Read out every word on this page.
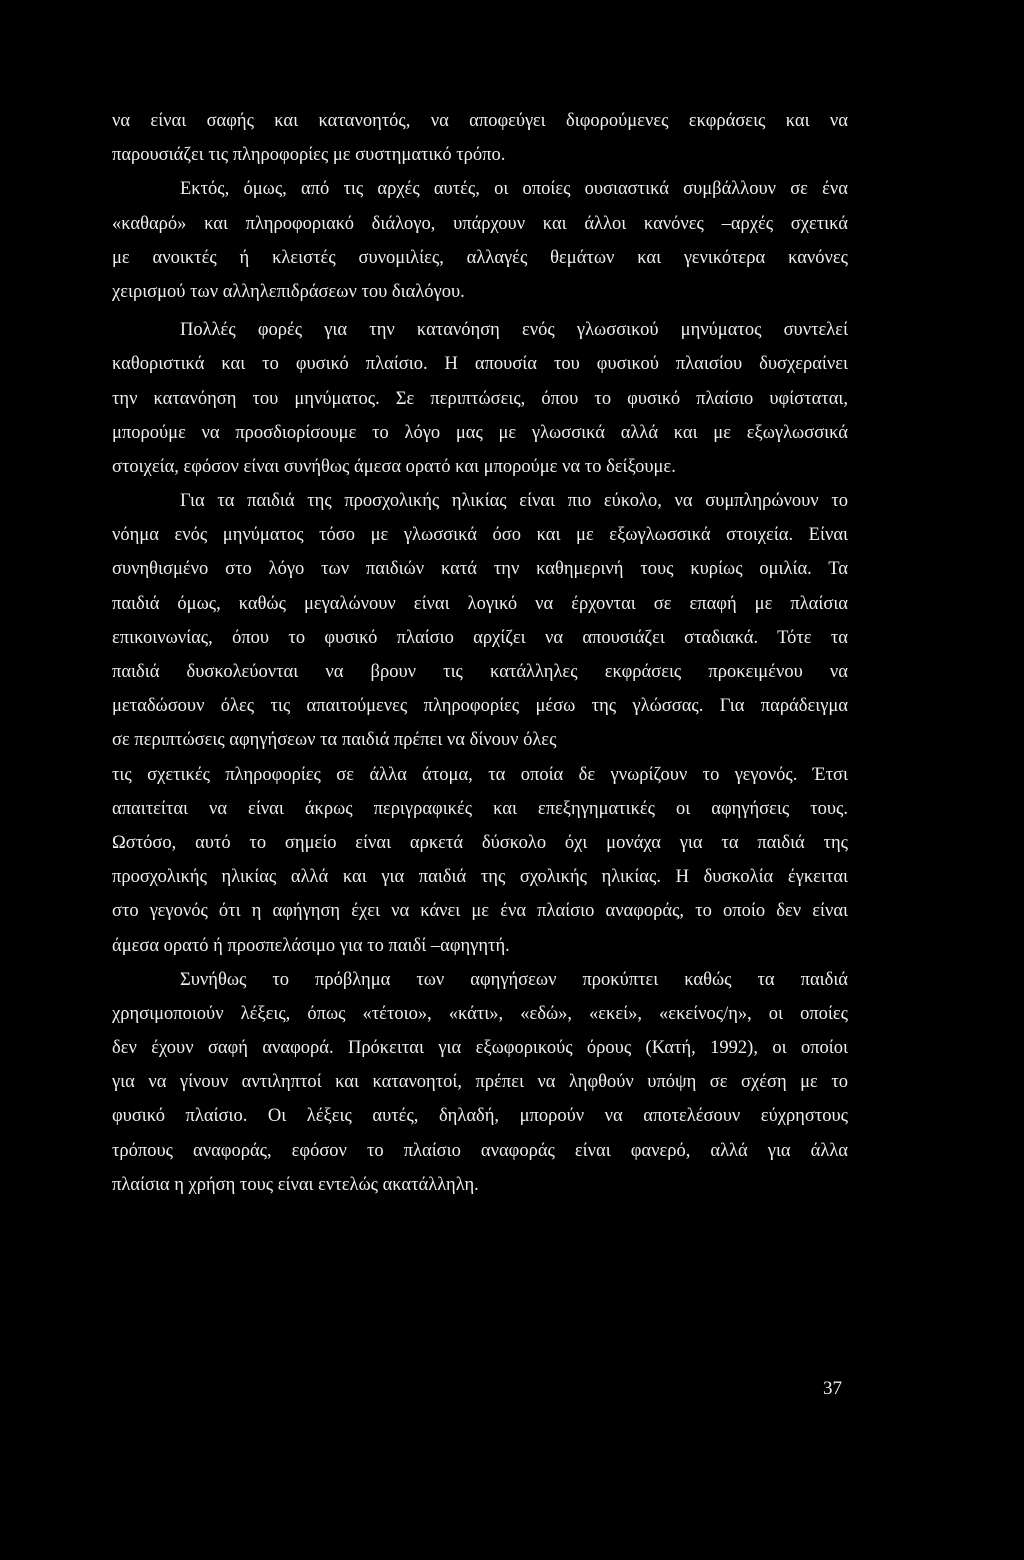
να είναι σαφής και κατανοητός, να αποφεύγει διφορούμενες εκφράσεις και να
παρουσιάζει τις πληροφορίες με συστηματικό τρόπο.
Εκτός, όμως, από τις αρχές αυτές, οι οποίες ουσιαστικά συμβάλλουν σε ένα
«καθαρό» και πληροφοριακό διάλογο, υπάρχουν και άλλοι κανόνες –αρχές σχετικά
με ανοικτές ή κλειστές συνομιλίες, αλλαγές θεμάτων και γενικότερα κανόνες
χειρισμού των αλληλεπιδράσεων του διαλόγου.
Πολλές φορές για την κατανόηση ενός γλωσσικού μηνύματος συντελεί
καθοριστικά και το φυσικό πλαίσιο. Η απουσία του φυσικού πλαισίου δυσχεραίνει
την κατανόηση του μηνύματος. Σε περιπτώσεις, όπου το φυσικό πλαίσιο υφίσταται,
μπορούμε να προσδιορίσουμε το λόγο μας με γλωσσικά αλλά και με εξωγλωσσικά
στοιχεία, εφόσον είναι συνήθως άμεσα ορατό και μπορούμε να το δείξουμε.
Για τα παιδιά της προσχολικής ηλικίας είναι πιο εύκολο, να συμπληρώνουν το
νόημα ενός μηνύματος τόσο με γλωσσικά όσο και με εξωγλωσσικά στοιχεία. Είναι
συνηθισμένο στο λόγο των παιδιών κατά την καθημερινή τους κυρίως ομιλία. Τα
παιδιά όμως, καθώς μεγαλώνουν είναι λογικό να έρχονται σε επαφή με πλαίσια
επικοινωνίας, όπου το φυσικό πλαίσιο αρχίζει να απουσιάζει σταδιακά. Τότε τα
παιδιά δυσκολεύονται να βρουν τις κατάλληλες εκφράσεις προκειμένου να
μεταδώσουν όλες τις απαιτούμενες πληροφορίες μέσω της γλώσσας. Για παράδειγμα
σε περιπτώσεις αφηγήσεων τα παιδιά πρέπει να δίνουν όλες
τις σχετικές πληροφορίες σε άλλα άτομα, τα οποία δε γνωρίζουν το γεγονός. Έτσι
απαιτείται να είναι άκρως περιγραφικές και επεξηγηματικές οι αφηγήσεις τους.
Ωστόσο, αυτό το σημείο είναι αρκετά δύσκολο όχι μονάχα για τα παιδιά της
προσχολικής ηλικίας αλλά και για παιδιά της σχολικής ηλικίας. Η δυσκολία έγκειται
στο γεγονός ότι η αφήγηση έχει να κάνει με ένα πλαίσιο αναφοράς, το οποίο δεν είναι
άμεσα ορατό ή προσπελάσιμο για το παιδί –αφηγητή.
Συνήθως το πρόβλημα των αφηγήσεων προκύπτει καθώς τα παιδιά
χρησιμοποιούν λέξεις, όπως «τέτοιο», «κάτι», «εδώ», «εκεί», «εκείνος/η», οι οποίες
δεν έχουν σαφή αναφορά. Πρόκειται για εξωφορικούς όρους (Κατή, 1992), οι οποίοι
για να γίνουν αντιληπτοί και κατανοητοί, πρέπει να ληφθούν υπόψη σε σχέση με το
φυσικό πλαίσιο. Οι λέξεις αυτές, δηλαδή, μπορούν να αποτελέσουν εύχρηστους
τρόπους αναφοράς, εφόσον το πλαίσιο αναφοράς είναι φανερό, αλλά για άλλα
πλαίσια η χρήση τους είναι εντελώς ακατάλληλη.
37
